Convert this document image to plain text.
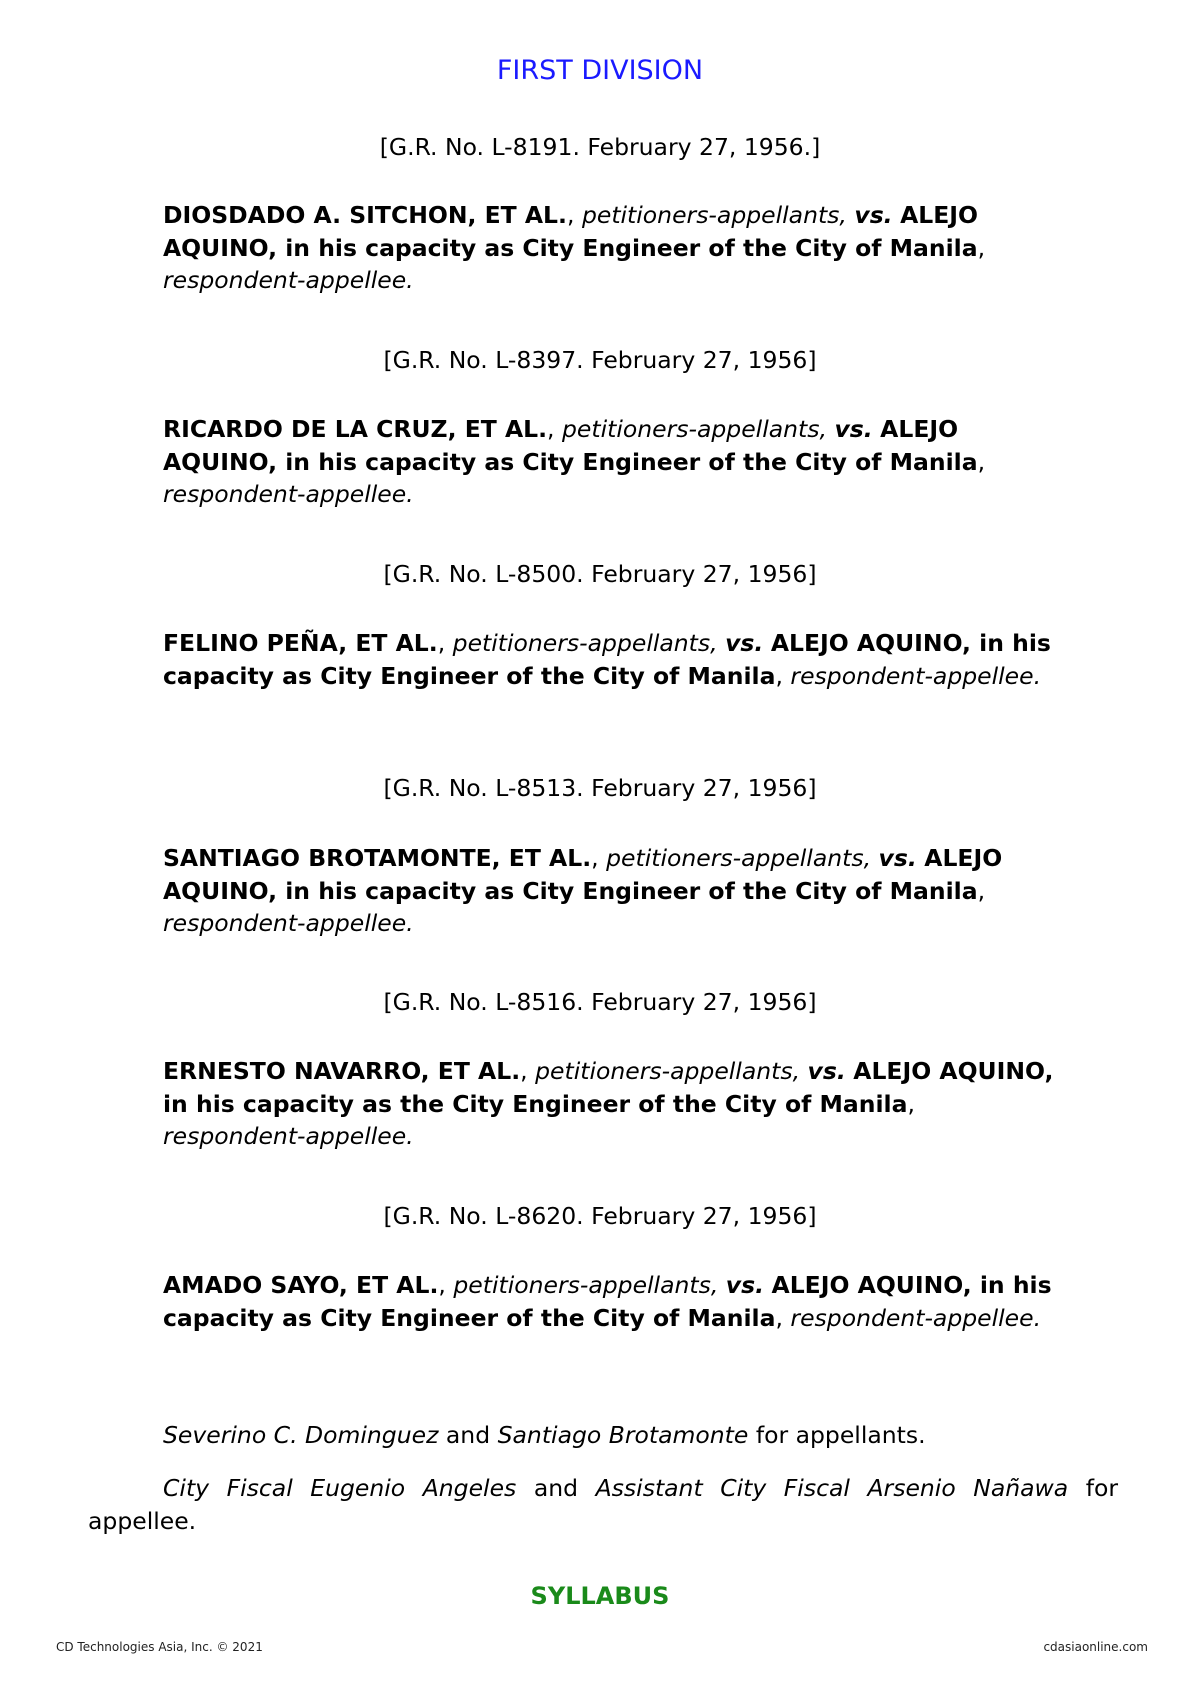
FIRST DIVISION
[G.R. No. L-8191. February 27, 1956.]
DIOSDADO A. SITCHON, ET AL., petitioners-appellants, vs. ALEJO AQUINO, in his capacity as City Engineer of the City of Manila, respondent-appellee.
[G.R. No. L-8397. February 27, 1956]
RICARDO DE LA CRUZ, ET AL., petitioners-appellants, vs. ALEJO AQUINO, in his capacity as City Engineer of the City of Manila, respondent-appellee.
[G.R. No. L-8500. February 27, 1956]
FELINO PEÑA, ET AL., petitioners-appellants, vs. ALEJO AQUINO, in his capacity as City Engineer of the City of Manila, respondent-appellee.
[G.R. No. L-8513. February 27, 1956]
SANTIAGO BROTAMONTE, ET AL., petitioners-appellants, vs. ALEJO AQUINO, in his capacity as City Engineer of the City of Manila, respondent-appellee.
[G.R. No. L-8516. February 27, 1956]
ERNESTO NAVARRO, ET AL., petitioners-appellants, vs. ALEJO AQUINO, in his capacity as the City Engineer of the City of Manila, respondent-appellee.
[G.R. No. L-8620. February 27, 1956]
AMADO SAYO, ET AL., petitioners-appellants, vs. ALEJO AQUINO, in his capacity as City Engineer of the City of Manila, respondent-appellee.
Severino C. Dominguez and Santiago Brotamonte for appellants.
City Fiscal Eugenio Angeles and Assistant City Fiscal Arsenio Nañawa for appellee.
SYLLABUS
CD Technologies Asia, Inc. © 2021	cdasiaonline.com
